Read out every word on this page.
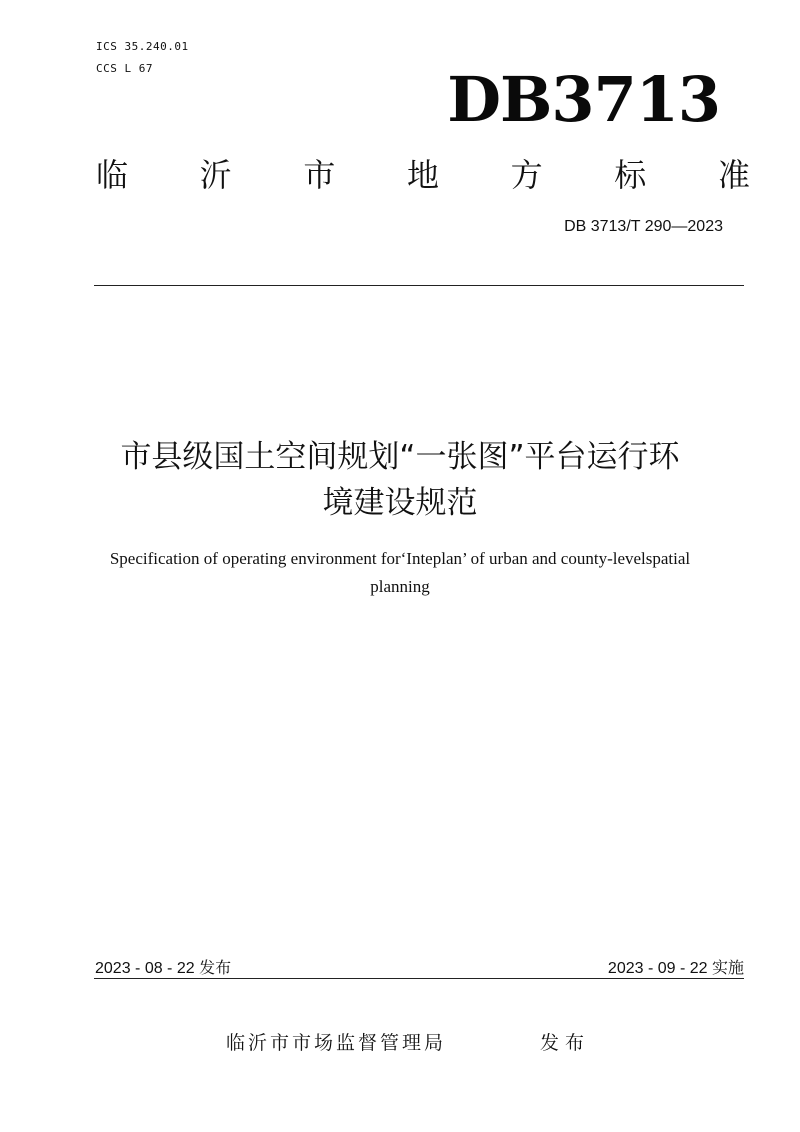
ICS 35.240.01
CCS L 67	DB3713
临 沂 市 地 方 标 准
DB 3713/T 290—2023
市县级国土空间规划“一张图”平台运行环
境建设规范
Specification of operating environment for‘Inteplan’ of urban and county-levelspatial
planning
2023 - 08 - 22 发布	2023 - 09 - 22 实施
临沂市市场监督管理局	发布
